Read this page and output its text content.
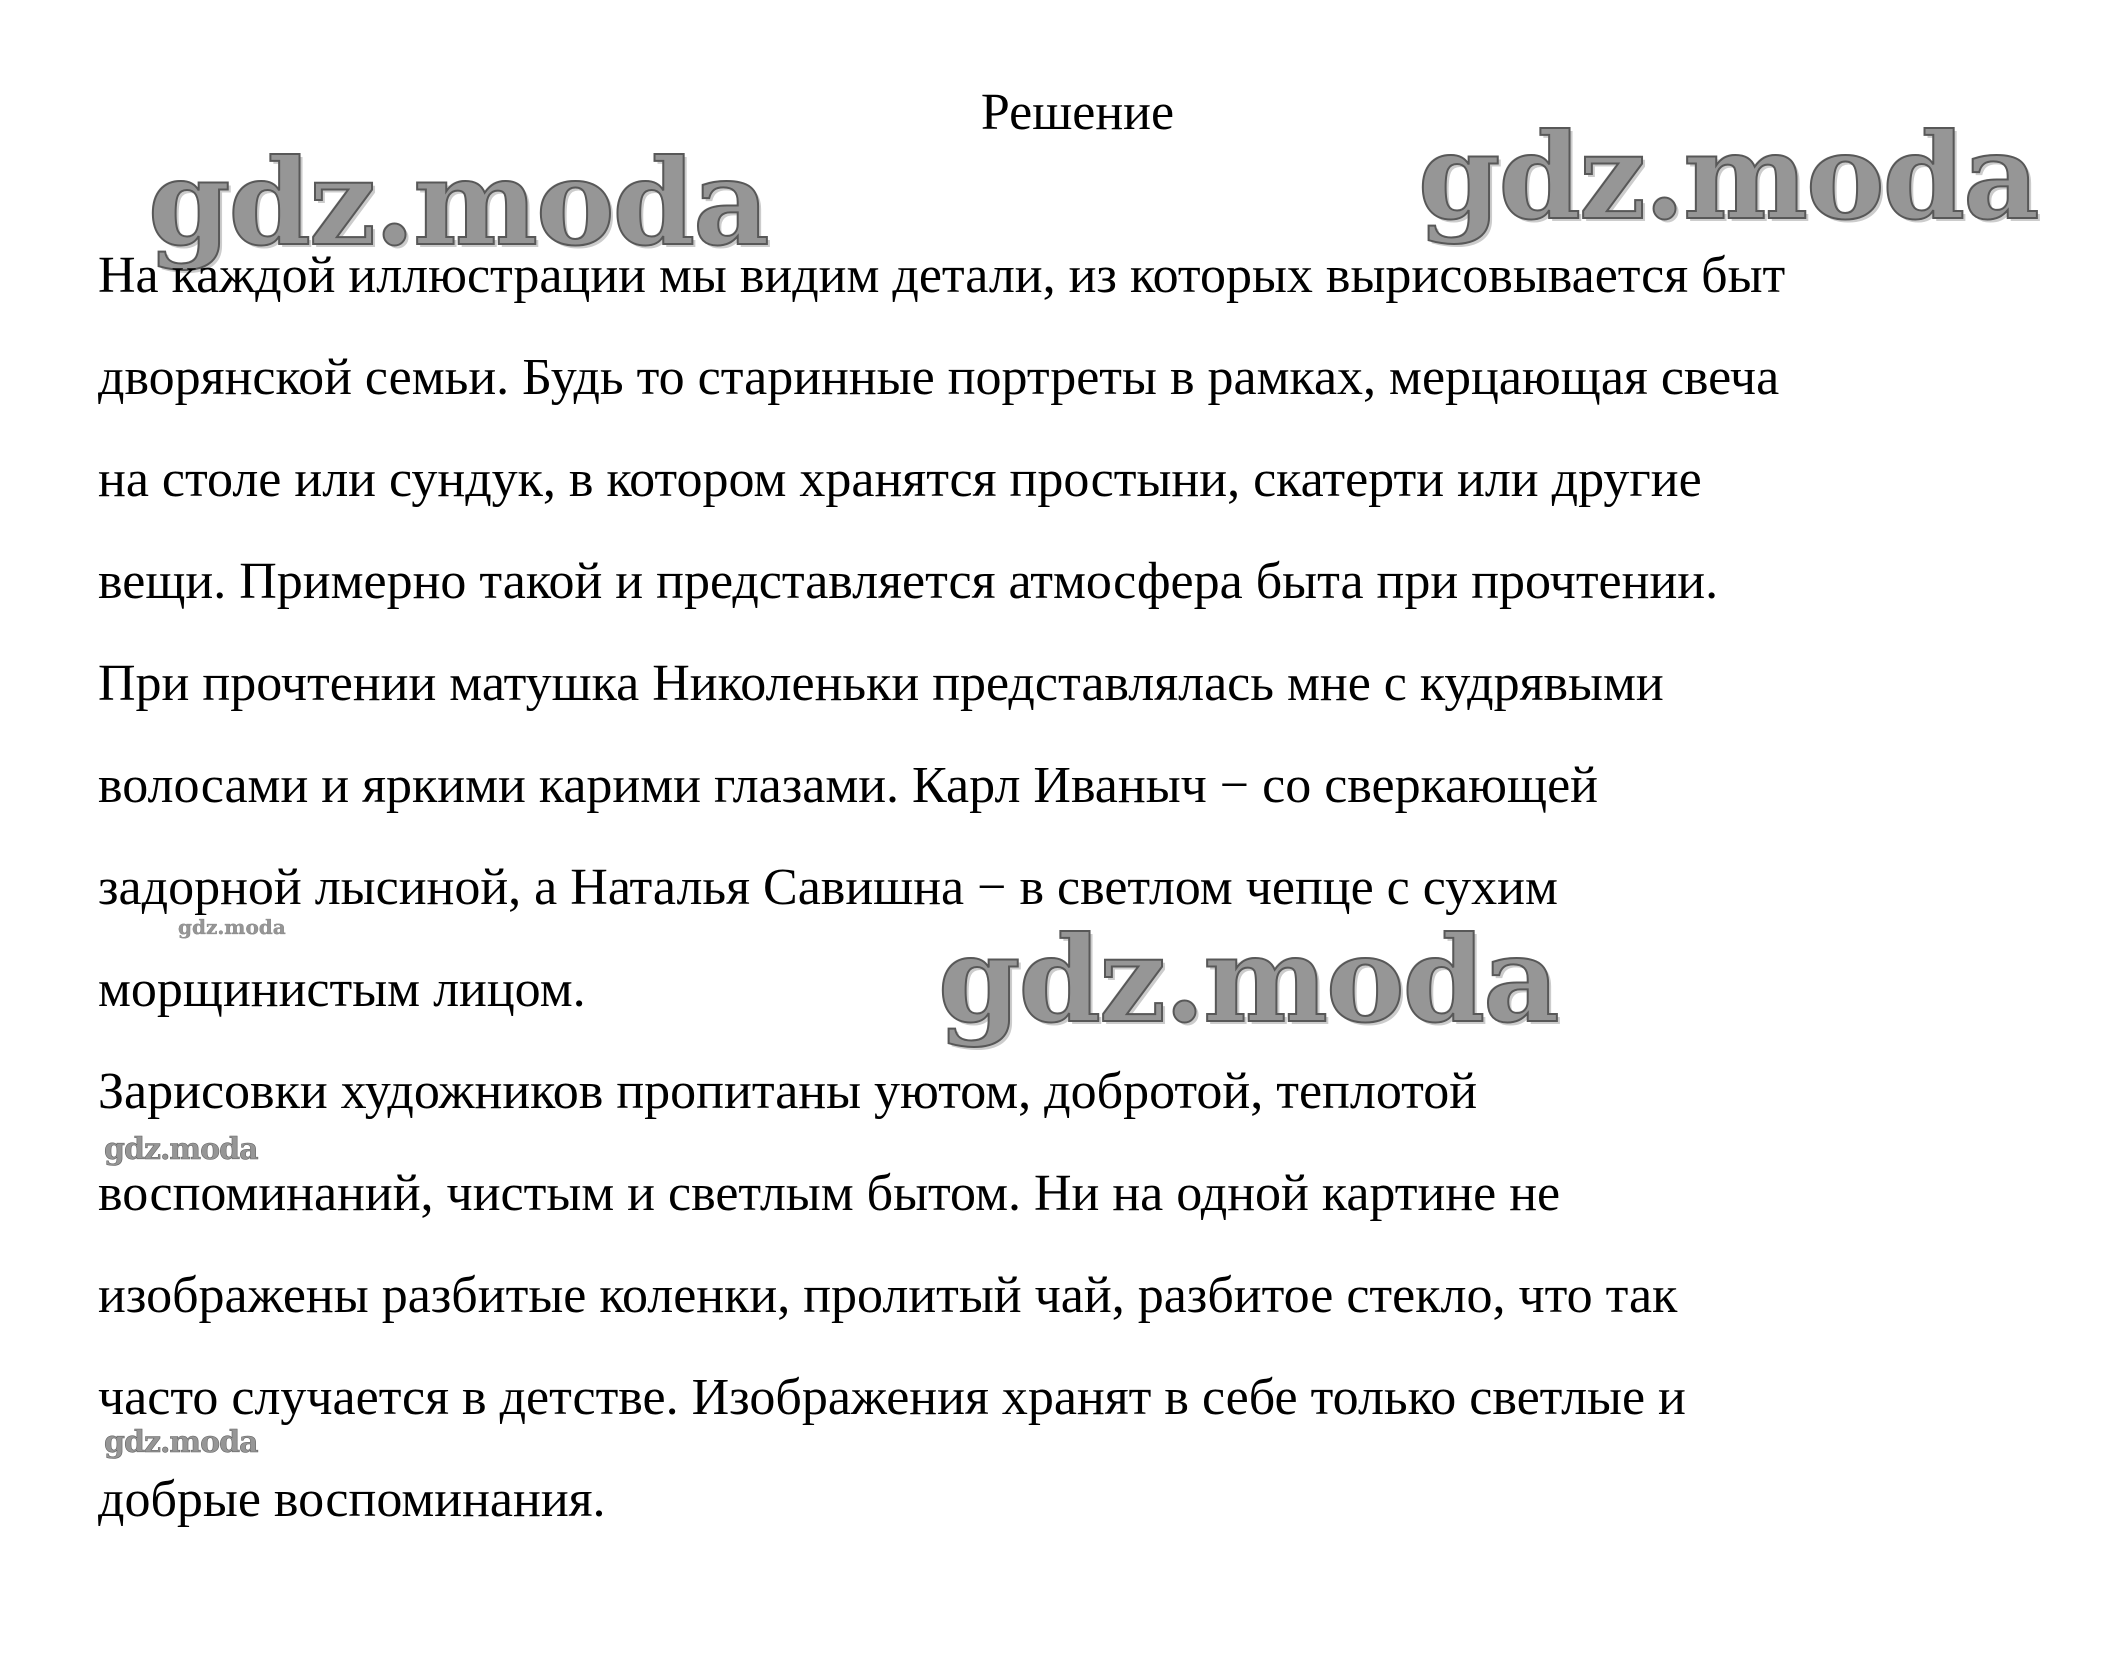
Решение
gdz.moda	gdz.moda
На каждой иллюстрации мы видим детали, из которых вырисовывается быт
дворянской семьи. Будь то старинные портреты в рамках, мерцающая свеча
на столе или сундук, в котором хранятся простыни, скатерти или другие
вещи. Примерно такой и представляется атмосфера быта при прочтении.
При прочтении матушка Николеньки представлялась мне с кудрявыми
волосами и яркими карими глазами. Карл Иваныч − со сверкающей
задорной лысиной, а Наталья Савишна − в светлом чепце с сухим
морщинистым лицом.
Зарисовки художников пропитаны уютом, добротой, теплотой
воспоминаний, чистым и светлым бытом. Ни на одной картине не
изображены разбитые коленки, пролитый чай, разбитое стекло, что так
часто случается в детстве. Изображения хранят в себе только светлые и
добрые воспоминания.
gdz.moda
gdz.moda
gdz.moda
gdz.moda
